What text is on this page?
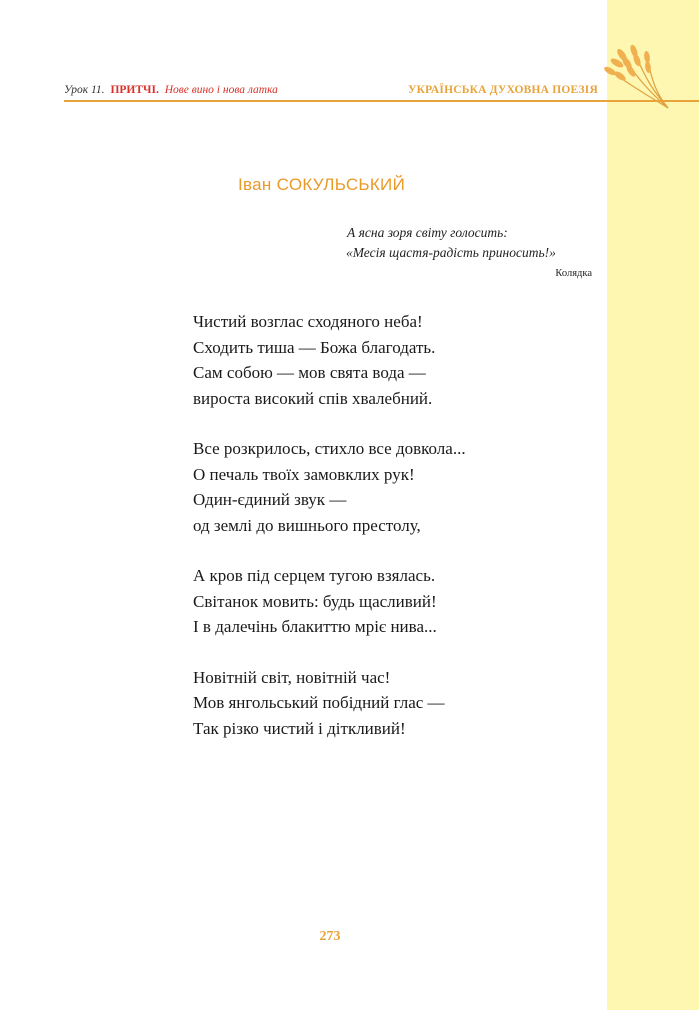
Урок 11. ПРИТЧІ. Нове вино і нова латка	УКРАЇНСЬКА ДУХОВНА ПОЕЗІЯ
Іван СОКУЛЬСЬКИЙ
А ясна зоря світу голосить:
«Месія щастя-радість приносить!»
Колядка
Чистий возглас сходяного неба!
Сходить тиша — Божа благодать.
Сам собою — мов свята вода —
вироста високий спів хвалебний.
Все розкрилось, стихло все довкола...
О печаль твоїх замовклих рук!
Один-єдиний звук —
од землі до вишнього престолу,
А кров під серцем тугою взялась.
Світанок мовить: будь щасливий!
І в далечінь блакиттю мріє нива...
Новітній світ, новітній час!
Мов янгольський побідний глас —
Так різко чистий і діткливий!
273
